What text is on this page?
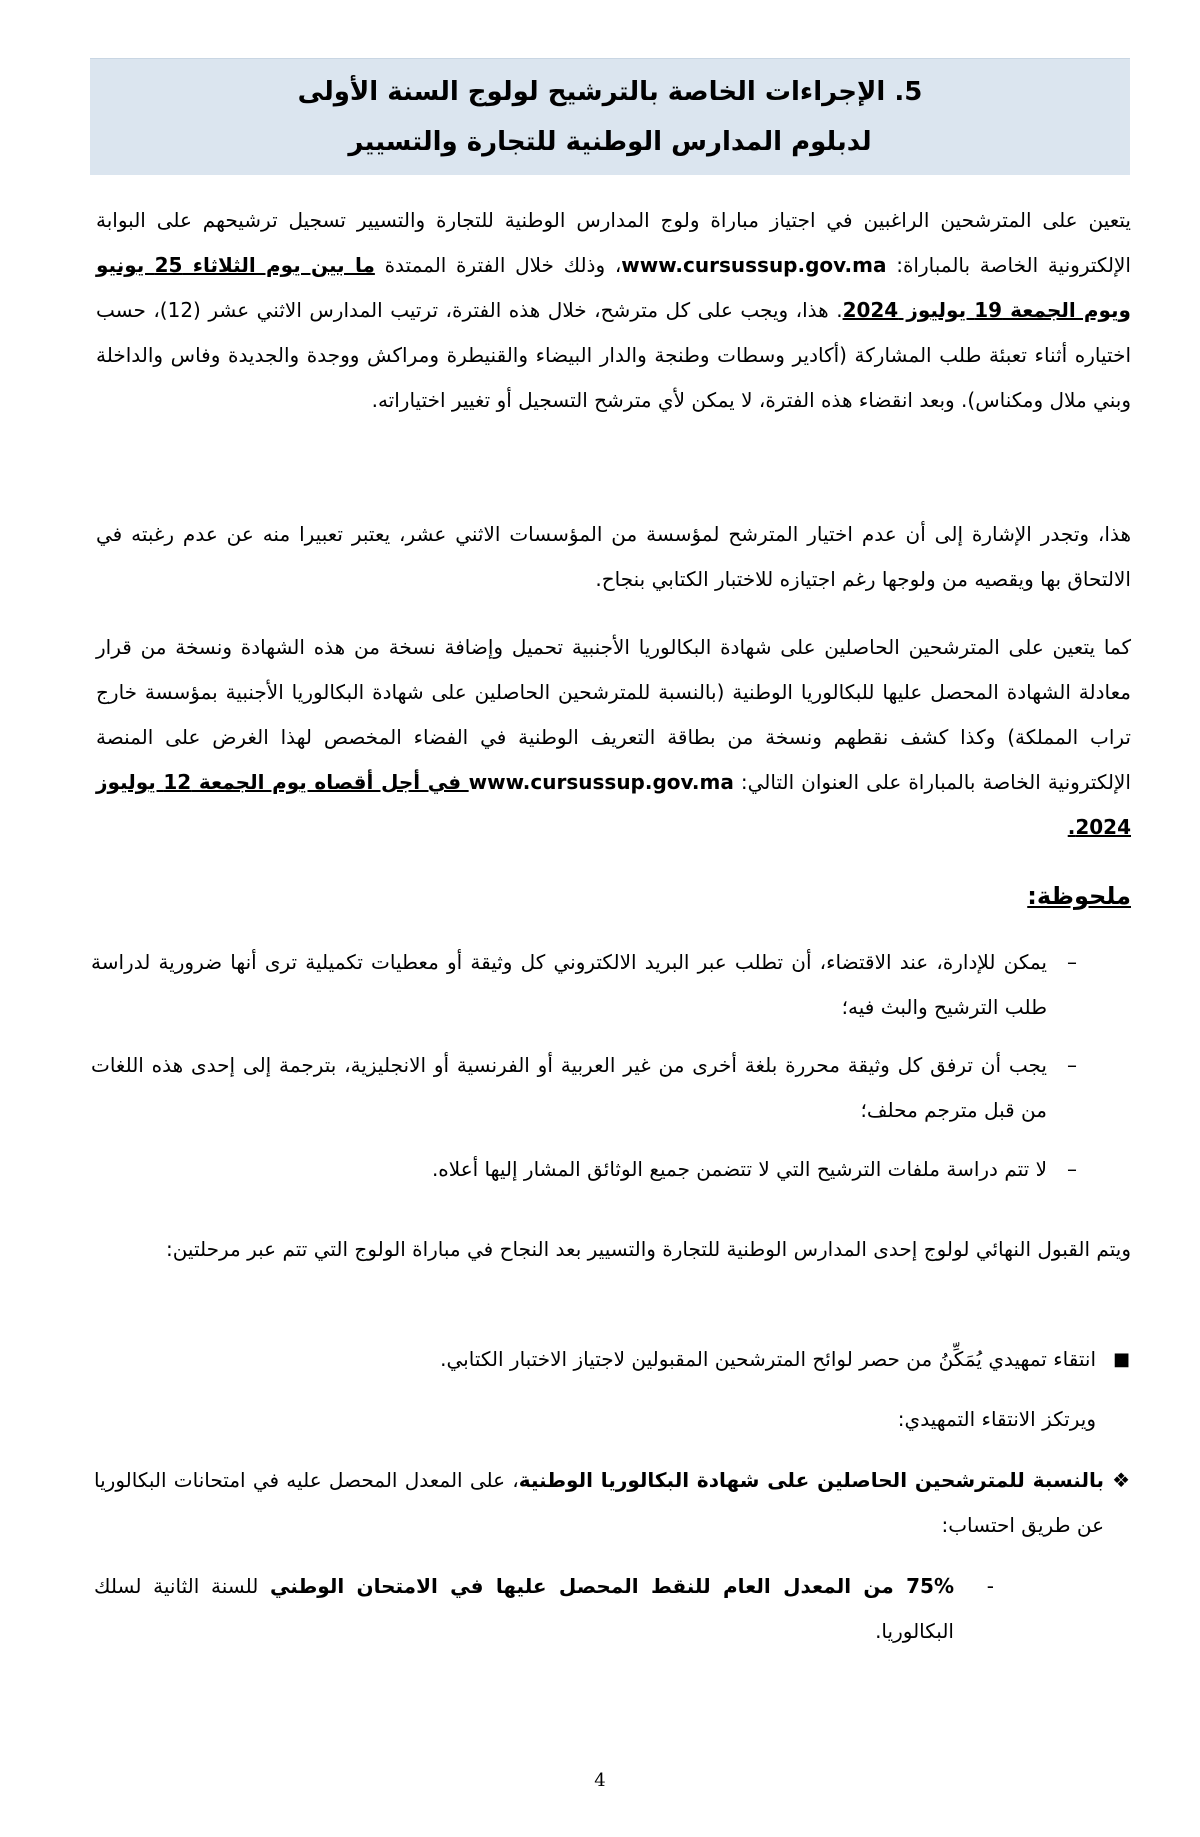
5. الإجراءات الخاصة بالترشيح لولوج السنة الأولى
لدبلوم المدارس الوطنية للتجارة والتسيير
يتعين على المترشحين الراغبين في اجتياز مباراة ولوج المدارس الوطنية للتجارة والتسيير تسجيل ترشيحهم على البوابة الإلكترونية الخاصة بالمباراة: www.cursussup.gov.ma، وذلك خلال الفترة الممتدة ما بين يوم الثلاثاء 25 يونيو ويوم الجمعة 19 يوليوز 2024. هذا، ويجب على كل مترشح، خلال هذه الفترة، ترتيب المدارس الاثني عشر (12)، حسب اختياره أثناء تعبئة طلب المشاركة (أكادير وسطات وطنجة والدار البيضاء والقنيطرة ومراكش ووجدة والجديدة وفاس والداخلة وبني ملال ومكناس). وبعد انقضاء هذه الفترة، لا يمكن لأي مترشح التسجيل أو تغيير اختياراته.
هذا، وتجدر الإشارة إلى أن عدم اختيار المترشح لمؤسسة من المؤسسات الاثني عشر، يعتبر تعبيرا منه عن عدم رغبته في الالتحاق بها ويقصيه من ولوجها رغم اجتيازه للاختبار الكتابي بنجاح.
كما يتعين على المترشحين الحاصلين على شهادة البكالوريا الأجنبية تحميل وإضافة نسخة من هذه الشهادة ونسخة من قرار معادلة الشهادة المحصل عليها للبكالوريا الوطنية (بالنسبة للمترشحين الحاصلين على شهادة البكالوريا الأجنبية بمؤسسة خارج تراب المملكة) وكذا كشف نقطهم ونسخة من بطاقة التعريف الوطنية في الفضاء المخصص لهذا الغرض على المنصة الإلكترونية الخاصة بالمباراة على العنوان التالي: www.cursussup.gov.ma في أجل أقصاه يوم الجمعة 12 يوليوز 2024.
ملحوظة:
–
يمكن للإدارة، عند الاقتضاء، أن تطلب عبر البريد الالكتروني كل وثيقة أو معطيات تكميلية ترى أنها ضرورية لدراسة طلب الترشيح والبث فيه؛
–
يجب أن ترفق كل وثيقة محررة بلغة أخرى من غير العربية أو الفرنسية أو الانجليزية، بترجمة إلى إحدى هذه اللغات من قبل مترجم محلف؛
–
لا تتم دراسة ملفات الترشيح التي لا تتضمن جميع الوثائق المشار إليها أعلاه.
ويتم القبول النهائي لولوج إحدى المدارس الوطنية للتجارة والتسيير بعد النجاح في مباراة الولوج التي تتم عبر مرحلتين:
■
انتقاء تمهيدي يُمَكِّنُ من حصر لوائح المترشحين المقبولين لاجتياز الاختبار الكتابي.
ويرتكز الانتقاء التمهيدي:
❖
بالنسبة للمترشحين الحاصلين على شهادة البكالوريا الوطنية، على المعدل المحصل عليه في امتحانات البكالوريا عن طريق احتساب:
-
75% من المعدل العام للنقط المحصل عليها في الامتحان الوطني للسنة الثانية لسلك البكالوريا.
4
